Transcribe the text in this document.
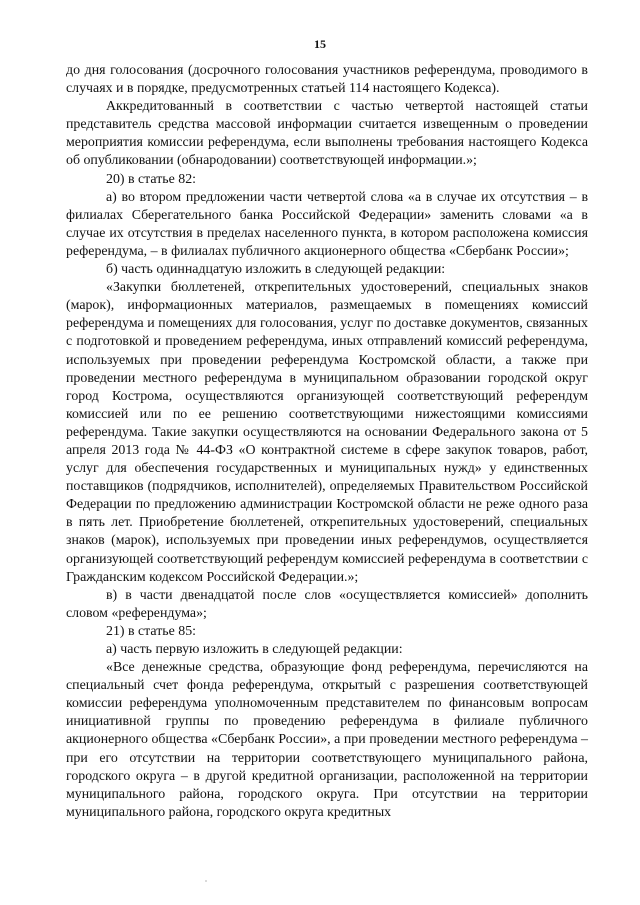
15

до дня голосования (досрочного голосования участников референдума, проводимого в случаях и в порядке, предусмотренных статьей 114 настоящего Кодекса).

Аккредитованный в соответствии с частью четвертой настоящей статьи представитель средства массовой информации считается извещенным о проведении мероприятия комиссии референдума, если выполнены требования настоящего Кодекса об опубликовании (обнародовании) соответствующей информации.»;

20) в статье 82:

а) во втором предложении части четвертой слова «а в случае их отсутствия – в филиалах Сберегательного банка Российской Федерации» заменить словами «а в случае их отсутствия в пределах населенного пункта, в котором расположена комиссия референдума, – в филиалах публичного акционерного общества «Сбербанк России»;

б) часть одиннадцатую изложить в следующей редакции:

«Закупки бюллетеней, открепительных удостоверений, специальных знаков (марок), информационных материалов, размещаемых в помещениях комиссий референдума и помещениях для голосования, услуг по доставке документов, связанных с подготовкой и проведением референдума, иных отправлений комиссий референдума, используемых при проведении референдума Костромской области, а также при проведении местного референдума в муниципальном образовании городской округ город Кострома, осуществляются организующей соответствующий референдум комиссией или по ее решению соответствующими нижестоящими комиссиями референдума. Такие закупки осуществляются на основании Федерального закона от 5 апреля 2013 года № 44-ФЗ «О контрактной системе в сфере закупок товаров, работ, услуг для обеспечения государственных и муниципальных нужд» у единственных поставщиков (подрядчиков, исполнителей), определяемых Правительством Российской Федерации по предложению администрации Костромской области не реже одного раза в пять лет. Приобретение бюллетеней, открепительных удостоверений, специальных знаков (марок), используемых при проведении иных референдумов, осуществляется организующей соответствующий референдум комиссией референдума в соответствии с Гражданским кодексом Российской Федерации.»;

в) в части двенадцатой после слов «осуществляется комиссией» дополнить словом «референдума»;

21) в статье 85:

а) часть первую изложить в следующей редакции:

«Все денежные средства, образующие фонд референдума, перечисляются на специальный счет фонда референдума, открытый с разрешения соответствующей комиссии референдума уполномоченным представителем по финансовым вопросам инициативной группы по проведению референдума в филиале публичного акционерного общества «Сбербанк России», а при проведении местного референдума – при его отсутствии на территории соответствующего муниципального района, городского округа – в другой кредитной организации, расположенной на территории муниципального района, городского округа. При отсутствии на территории муниципального района, городского округа кредитных
